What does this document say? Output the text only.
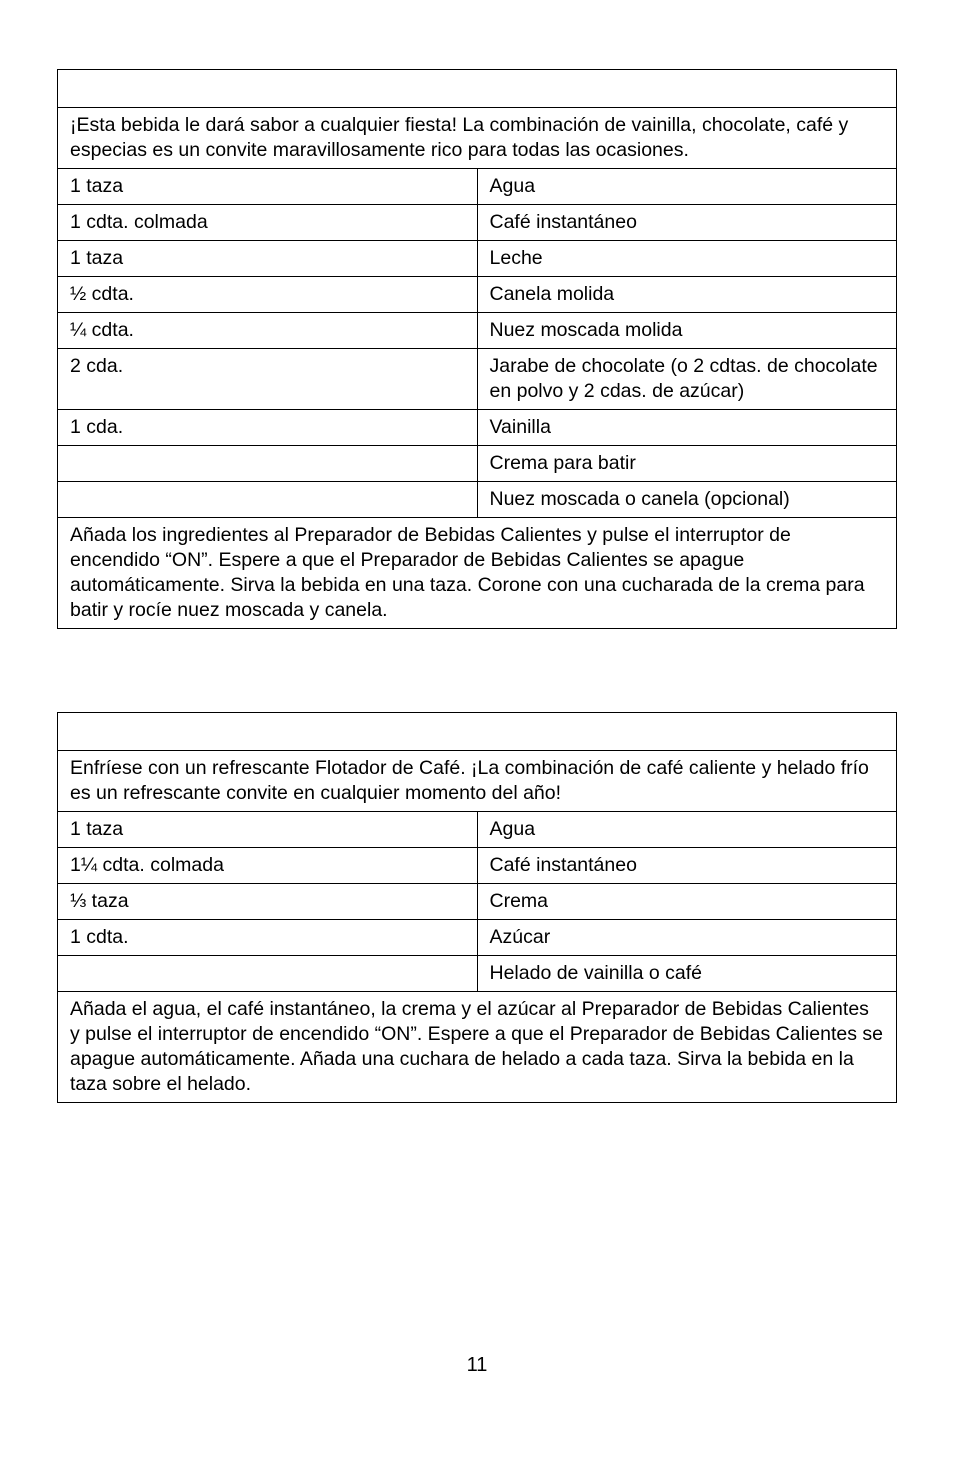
¡Esta bebida le dará sabor a cualquier fiesta! La combinación de vainilla, chocolate, café y especias es un convite maravillosamente rico para todas las ocasiones.	
1 taza	Agua
1 cdta. colmada	Café instantáneo
1 taza	Leche
½ cdta.	Canela molida
¼ cdta.	Nuez moscada molida
2 cda.	Jarabe de chocolate (o 2 cdtas. de chocolate en polvo y 2 cdas. de azúcar)
1 cda.	Vainilla
	Crema para batir
	Nuez moscada o canela (opcional)
Añada los ingredientes al Preparador de Bebidas Calientes y pulse el interruptor de encendido “ON”. Espere a que el Preparador de Bebidas Calientes se apague automáticamente. Sirva la bebida en una taza. Corone con una cucharada de la crema para batir y rocíe nuez moscada y canela.	

Enfríese con un refrescante Flotador de Café. ¡La combinación de café caliente y helado frío es un refrescante convite en cualquier momento del año!	
1 taza	Agua
1¼ cdta. colmada	Café instantáneo
⅓ taza	Crema
1 cdta.	Azúcar
	Helado de vainilla o café
Añada el agua, el café instantáneo, la crema y el azúcar al Preparador de Bebidas Calientes y pulse el interruptor de encendido “ON”. Espere a que el Preparador de Bebidas Calientes se apague automáticamente. Añada una cuchara de helado a cada taza. Sirva la bebida en la taza sobre el helado.	
11
